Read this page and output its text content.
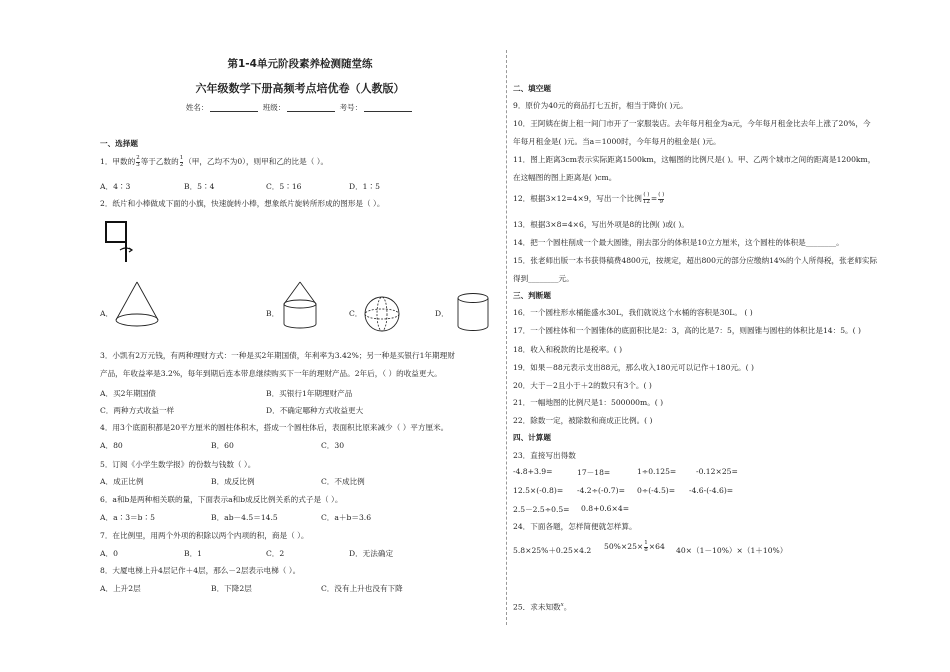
第1-4单元阶段素养检测随堂练
六年级数学下册高频考点培优卷（人教版）
姓名：	班级：	考号：
一、选择题
1．甲数的 $\frac{2}{3}$ 等于乙数的 $\frac{1}{2}$ （甲，乙均不为0），则甲和乙的比是（ ）。
A．4∶3	B．5∶4	C．5∶16	D．1∶5
2．纸片和小棒做成下面的小旗，快速旋转小棒，想象纸片旋转所形成的图形是（ ）。
A．	B．	C．	D．
3．小凯有2万元钱，有两种理财方式：一种是买2年期国债，年利率为3.42%；另一种是买银行1年期理财
产品，年收益率是3.2%，每年到期后连本带息继续购买下一年的理财产品。2年后，（ ）的收益更大。
A．买2年期国债	B．买银行1年期理财产品
C．两种方式收益一样	D．不确定哪种方式收益更大
4．用3个底面积都是20平方厘米的圆柱体积木，搭成一个圆柱体后，表面积比原来减少（ ）平方厘米。
A．80	B．60	C．30
5．订阅《小学生数学报》的份数与钱数（ ）。
A．成正比例	B．成反比例	C．不成比例
6．a和b是两种相关联的量，下面表示a和b成反比例关系的式子是（ ）。
A．a∶3＝b∶5	B．ab－4.5＝14.5	C．a＋b＝3.6
7．在比例里，用两个外项的积除以两个内项的积，商是（ ）。
A．0	B．1	C．2	D．无法确定
8．大厦电梯上升4层记作＋4层，那么－2层表示电梯（ ）。
A．上升2层	B．下降2层	C．没有上升也没有下降
二、填空题
9．原价为40元的商品打七五折，相当于降价( )元。
10．王阿姨在街上租一间门市开了一家服装店。去年每月租金为a元，今年每月租金比去年上涨了20%，今
年每月租金是( )元。当a＝1000时，今年每月的租金是( )元。
11．图上距离3cm表示实际距离1500km，这幅图的比例尺是( )。甲、乙两个城市之间的距离是1200km，
在这幅图的图上距离是( )cm。
12．根据3×12=4×9，写出一个比例 $\frac{( )}{12} = \frac{( )}{9}$
13．根据3×8=4×6，写出外项是8的比例( )或( )。
14．把一个圆柱削成一个最大圆锥，削去部分的体积是10立方厘米，这个圆柱的体积是________。
15．张老师出版一本书获得稿费4800元，按规定，超出800元的部分应缴纳14%的个人所得税，张老师实际
得到________元。
三、判断题
16．一个圆柱形水桶能盛水30L，我们就说这个水桶的容积是30L。 ( )
17．一个圆柱体和一个圆锥体的底面积比是2：3，高的比是7：5，则圆锥与圆柱的体积比是14：5。( )
18．收入和税款的比是税率。( )
19．如果－88元表示支出88元，那么收入180元可以记作＋180元。( )
20．大于－2且小于＋2的数只有3个。( )
21．一幅地图的比例尺是1：500000m。( )
22．除数一定，被除数和商成正比例。( )
四、计算题
23．直接写出得数
-4.8+3.9=	17－18=	1÷0.125=	-0.12×25=
12.5×(-0.8)= -4.2÷(-0.7)= 0÷(-4.5)= -4.6-(-4.6)=
2.5－2.5÷0.5= 0.8+0.6×4=
24．下面各题，怎样简便就怎样算。
5.8×25%＋0.25×4.2 $50\%\times 25\times \frac{1}{8} \times 64$ 40×（1－10%）×（1＋10%）
25．求未知数$^x$。
